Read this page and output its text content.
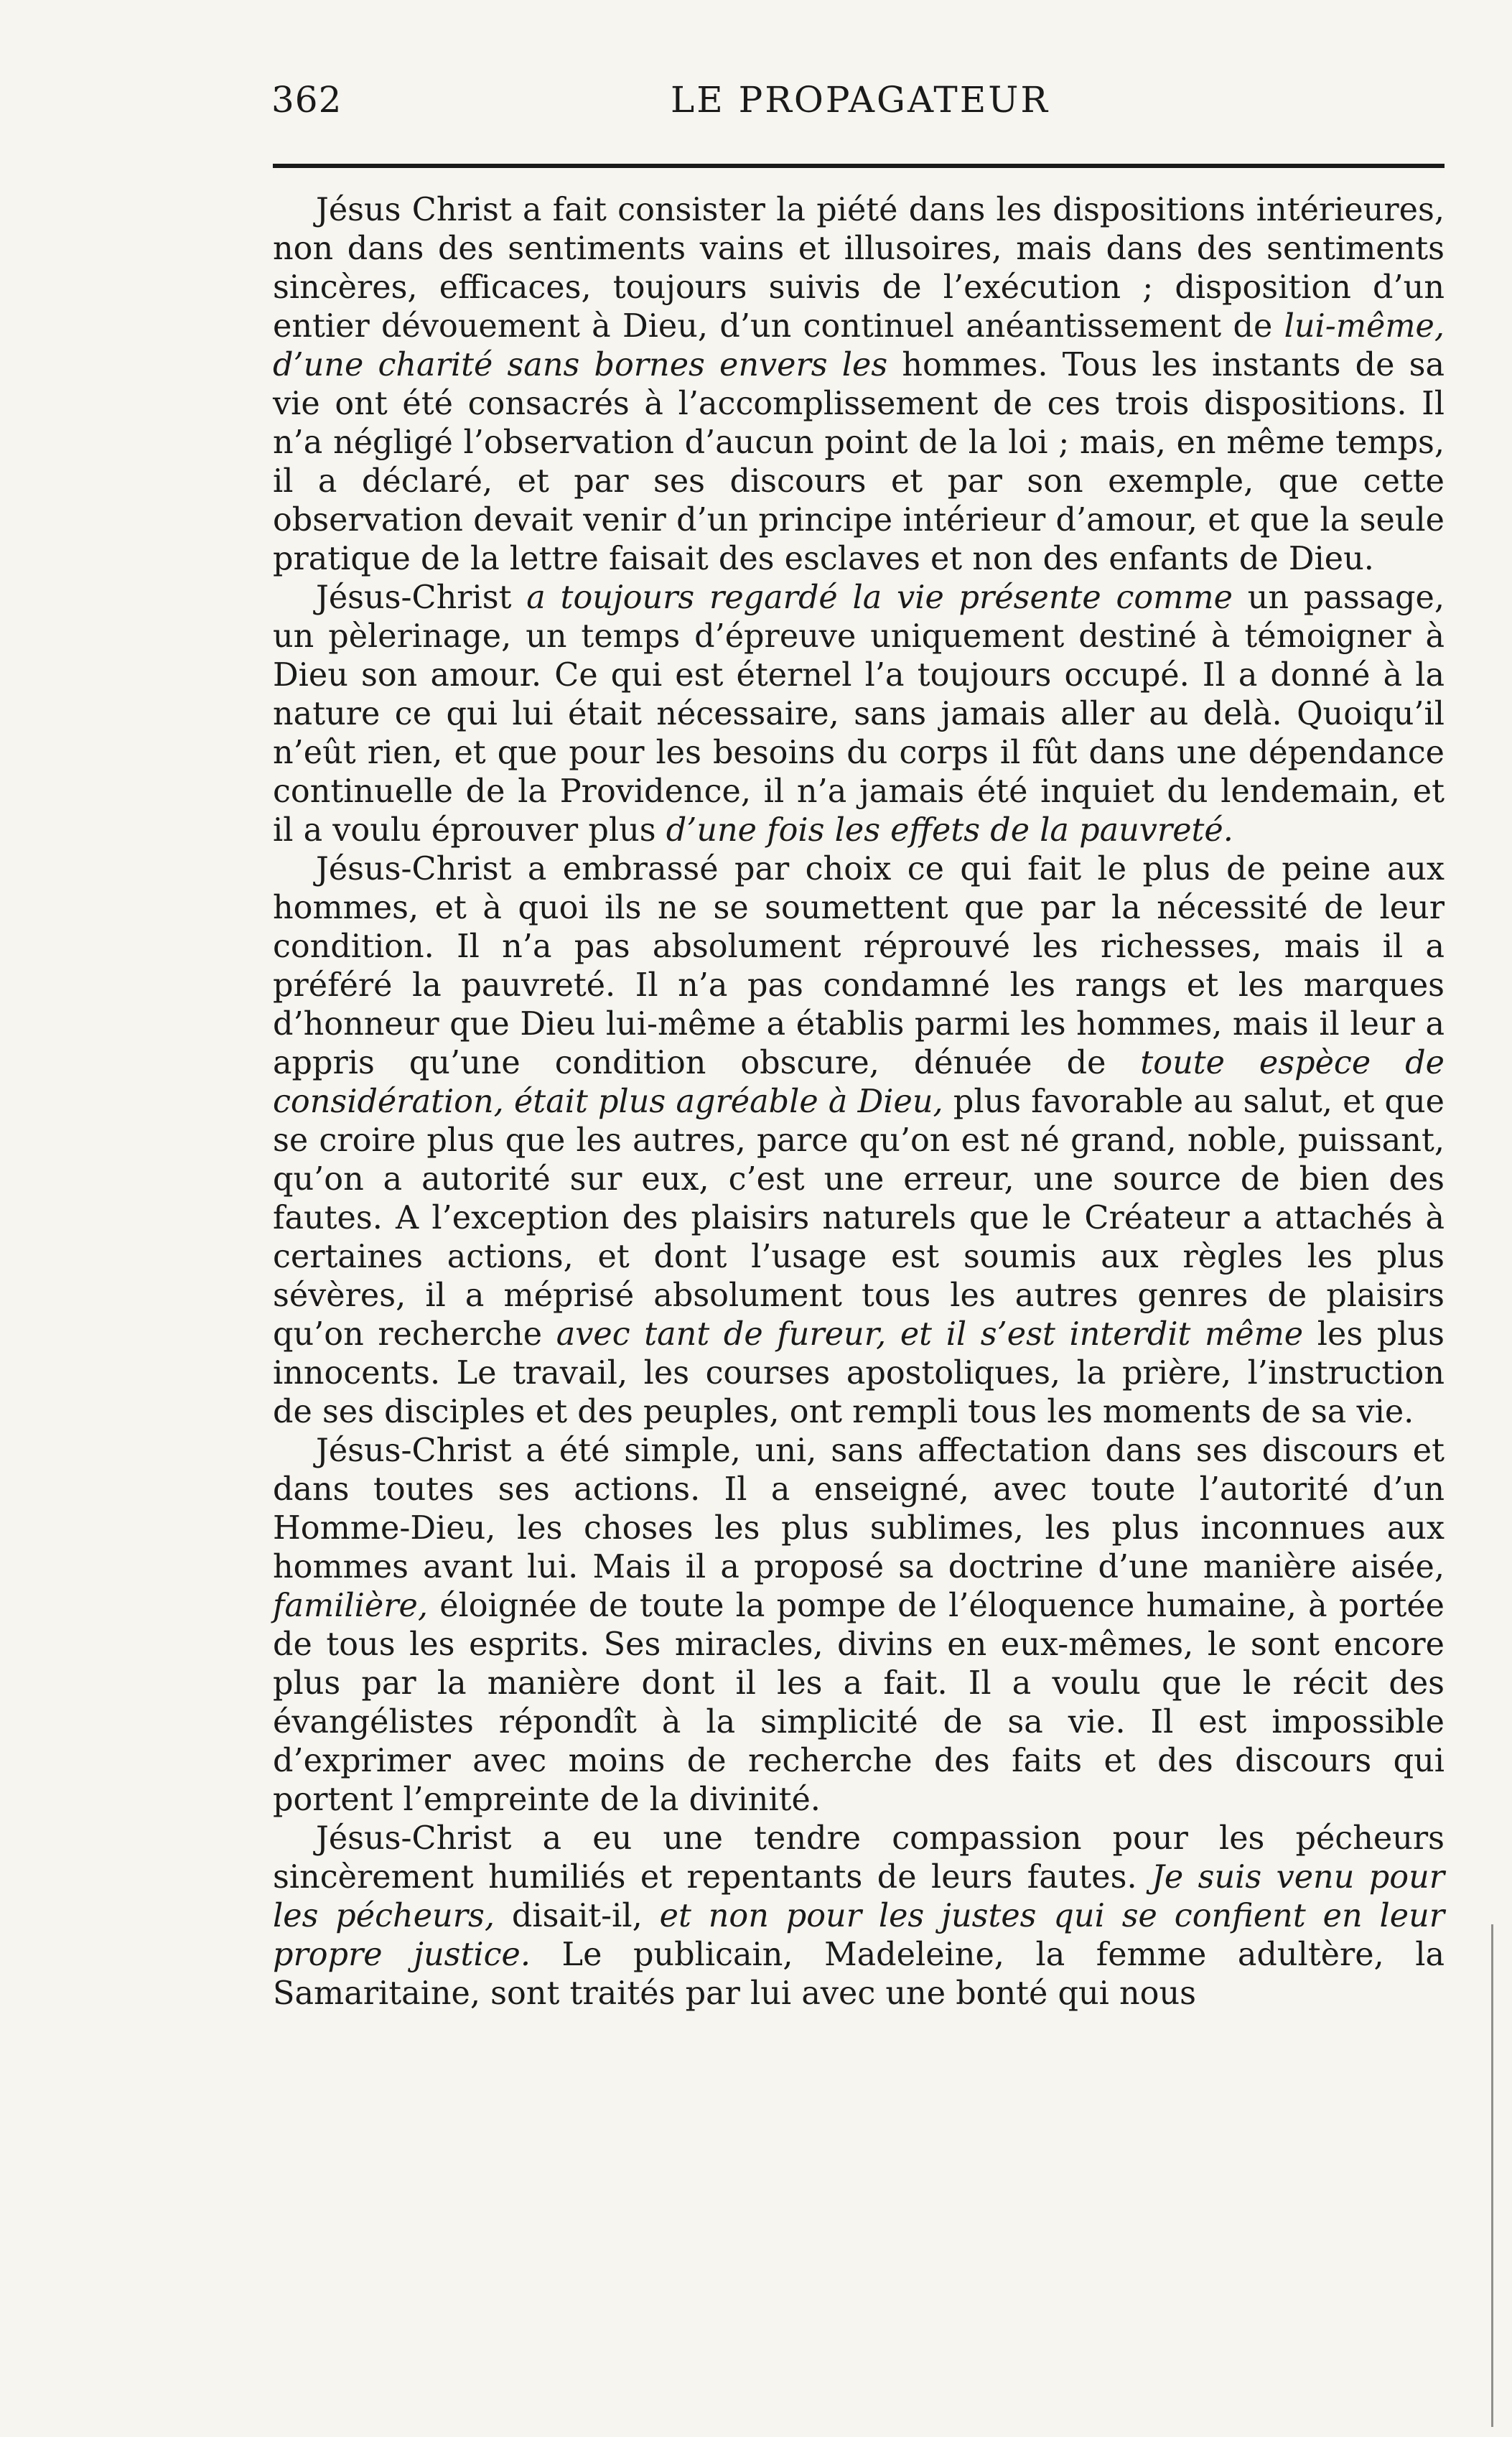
362	LE PROPAGATEUR

Jésus Christ a fait consister la piété dans les dispositions intérieures, non dans des sentiments vains et illusoires, mais dans des sentiments sincères, efficaces, toujours suivis de l’exécution ; disposition d’un entier dévouement à Dieu, d’un continuel anéantissement de lui-même, d’une charité sans bornes envers les hommes. Tous les instants de sa vie ont été consacrés à l’accomplissement de ces trois dispositions. Il n’a négligé l’observation d’aucun point de la loi ; mais, en même temps, il a déclaré, et par ses discours et par son exemple, que cette observation devait venir d’un principe intérieur d’amour, et que la seule pratique de la lettre faisait des esclaves et non des enfants de Dieu.

Jésus-Christ a toujours regardé la vie présente comme un passage, un pèlerinage, un temps d’épreuve uniquement destiné à témoigner à Dieu son amour. Ce qui est éternel l’a toujours occupé. Il a donné à la nature ce qui lui était nécessaire, sans jamais aller au delà. Quoiqu’il n’eût rien, et que pour les besoins du corps il fût dans une dépendance continuelle de la Providence, il n’a jamais été inquiet du lendemain, et il a voulu éprouver plus d’une fois les effets de la pauvreté.

Jésus-Christ a embrassé par choix ce qui fait le plus de peine aux hommes, et à quoi ils ne se soumettent que par la nécessité de leur condition. Il n’a pas absolument réprouvé les richesses, mais il a préféré la pauvreté. Il n’a pas condamné les rangs et les marques d’honneur que Dieu lui-même a établis parmi les hommes, mais il leur a appris qu’une condition obscure, dénuée de toute espèce de considération, était plus agréable à Dieu, plus favorable au salut, et que se croire plus que les autres, parce qu’on est né grand, noble, puissant, qu’on a autorité sur eux, c’est une erreur, une source de bien des fautes. A l’exception des plaisirs naturels que le Créateur a attachés à certaines actions, et dont l’usage est soumis aux règles les plus sévères, il a méprisé absolument tous les autres genres de plaisirs qu’on recherche avec tant de fureur, et il s’est interdit même les plus innocents. Le travail, les courses apostoliques, la prière, l’instruction de ses disciples et des peuples, ont rempli tous les moments de sa vie.

Jésus-Christ a été simple, uni, sans affectation dans ses discours et dans toutes ses actions. Il a enseigné, avec toute l’autorité d’un Homme-Dieu, les choses les plus sublimes, les plus inconnues aux hommes avant lui. Mais il a proposé sa doctrine d’une manière aisée, familière, éloignée de toute la pompe de l’éloquence humaine, à portée de tous les esprits. Ses miracles, divins en eux-mêmes, le sont encore plus par la manière dont il les a fait. Il a voulu que le récit des évangélistes répondît à la simplicité de sa vie. Il est impossible d’exprimer avec moins de recherche des faits et des discours qui portent l’empreinte de la divinité.

Jésus-Christ a eu une tendre compassion pour les pécheurs sincèrement humiliés et repentants de leurs fautes. Je suis venu pour les pécheurs, disait-il, et non pour les justes qui se confient en leur propre justice. Le publicain, Madeleine, la femme adultère, la Samaritaine, sont traités par lui avec une bonté qui nous
